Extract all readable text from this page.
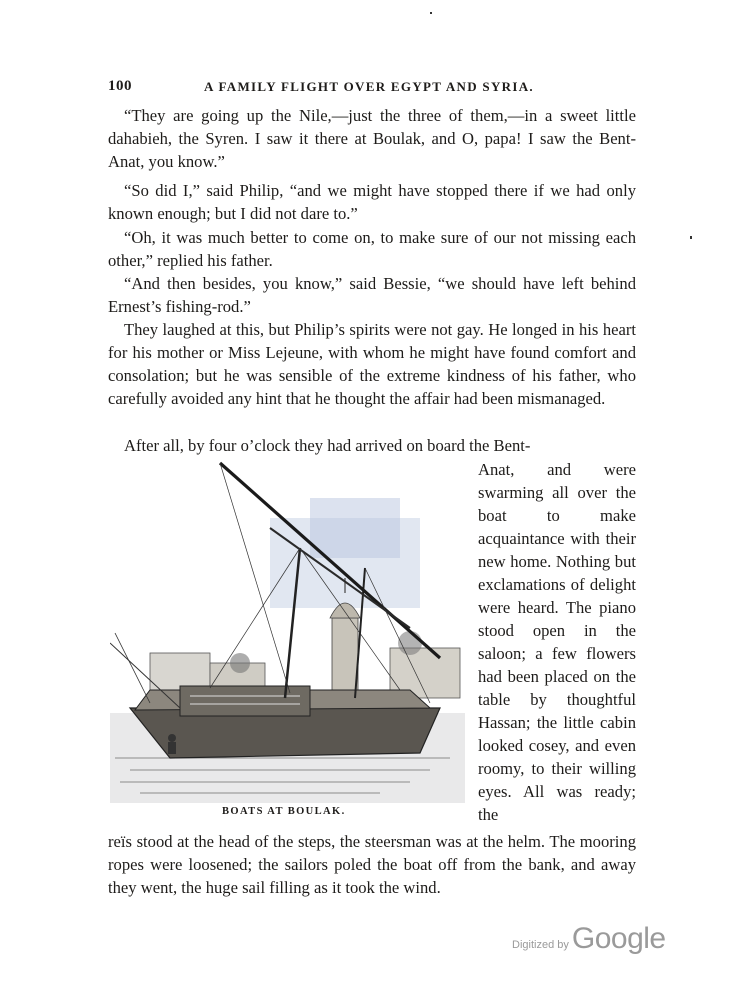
100	A FAMILY FLIGHT OVER EGYPT AND SYRIA.

“They are going up the Nile,—just the three of them,—in a sweet little dahabieh, the Syren. I saw it there at Boulak, and O, papa! I saw the Bent-Anat, you know.”

“So did I,” said Philip, “and we might have stopped there if we had only known enough; but I did not dare to.”

“Oh, it was much better to come on, to make sure of our not missing each other,” replied his father.

“And then besides, you know,” said Bessie, “we should have left behind Ernest’s fishing-rod.”

They laughed at this, but Philip’s spirits were not gay. He longed in his heart for his mother or Miss Lejeune, with whom he might have found comfort and consolation; but he was sensible of the extreme kindness of his father, who carefully avoided any hint that he thought the affair had been mismanaged.

After all, by four o’clock they had arrived on board the Bent-

Anat, and were swarming all over the boat to make acquaintance with their new home. Nothing but exclamations of delight were heard. The piano stood open in the saloon; a few flowers had been placed on the table by thoughtful Hassan; the little cabin looked cosey, and even roomy, to their willing eyes. All was ready; the

BOATS AT BOULAK.

reïs stood at the head of the steps, the steersman was at the helm. The mooring ropes were loosened; the sailors poled the boat off from the bank, and away they went, the huge sail filling as it took the wind.

Digitized by Google
